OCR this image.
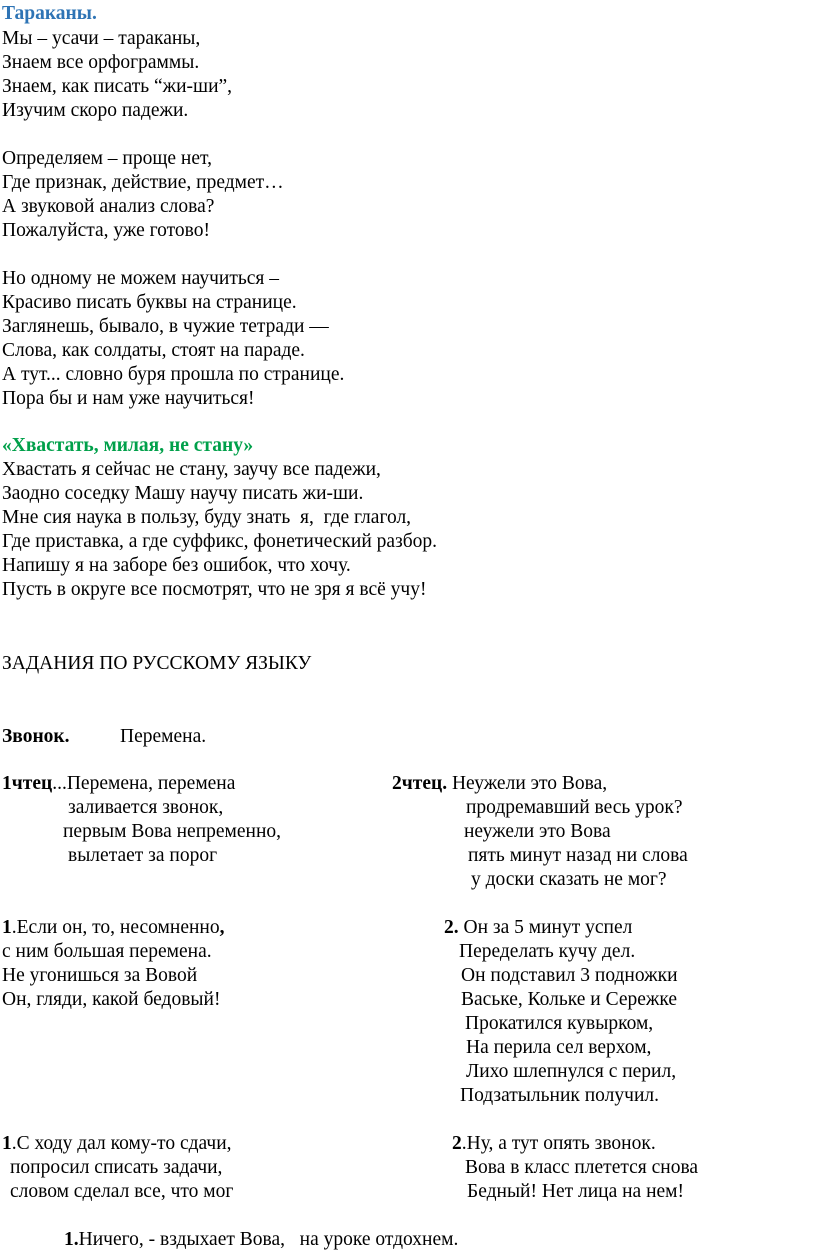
Тараканы.
Мы – усачи – тараканы,
Знаем все орфограммы.
Знаем, как писать “жи-ши”,
Изучим скоро падежи.
Определяем – проще нет,
Где признак, действие, предмет…
А звуковой анализ слова?
Пожалуйста, уже готово!
Но одному не можем научиться –
Красиво писать буквы на странице.
Заглянешь, бывало, в чужие тетради —
Слова, как солдаты, стоят на параде.
А тут... словно буря прошла по странице.
Пора бы и нам уже научиться!
«Хвастать, милая, не стану»
Хвастать я сейчас не стану, заучу все падежи,
Заодно соседку Машу научу писать жи-ши.
Мне сия наука в пользу, буду знать  я,  где глагол,
Где приставка, а где суффикс, фонетический разбор.
Напишу я на заборе без ошибок, что хочу.
Пусть в округе все посмотрят, что не зря я всё учу!
ЗАДАНИЯ ПО РУССКОМУ ЯЗЫКУ
Звонок.	Перемена.
1чтец...Перемена, перемена
заливается звонок,
первым Вова непременно,
вылетает за порог
2чтец. Неужели это Вова,
продремавший весь урок?
неужели это Вова
пять минут назад ни слова
у доски сказать не мог?
1.Если он, то, несомненно,
с ним большая перемена.
Не угонишься за Вовой
Он, гляди, какой бедовый!
2. Он за 5 минут успел
Переделать кучу дел.
Он подставил 3 подножки
Ваське, Кольке и Сережке
Прокатился кувырком,
На перила сел верхом,
Лихо шлепнулся с перил,
Подзатыльник получил.
1.С ходу дал кому-то сдачи,
попросил списать задачи,
словом сделал все, что мог
2.Ну, а тут опять звонок.
Вова в класс плетется снова
Бедный! Нет лица на нем!
1.Ничего, - вздыхает Вова,   на уроке отдохнем.
